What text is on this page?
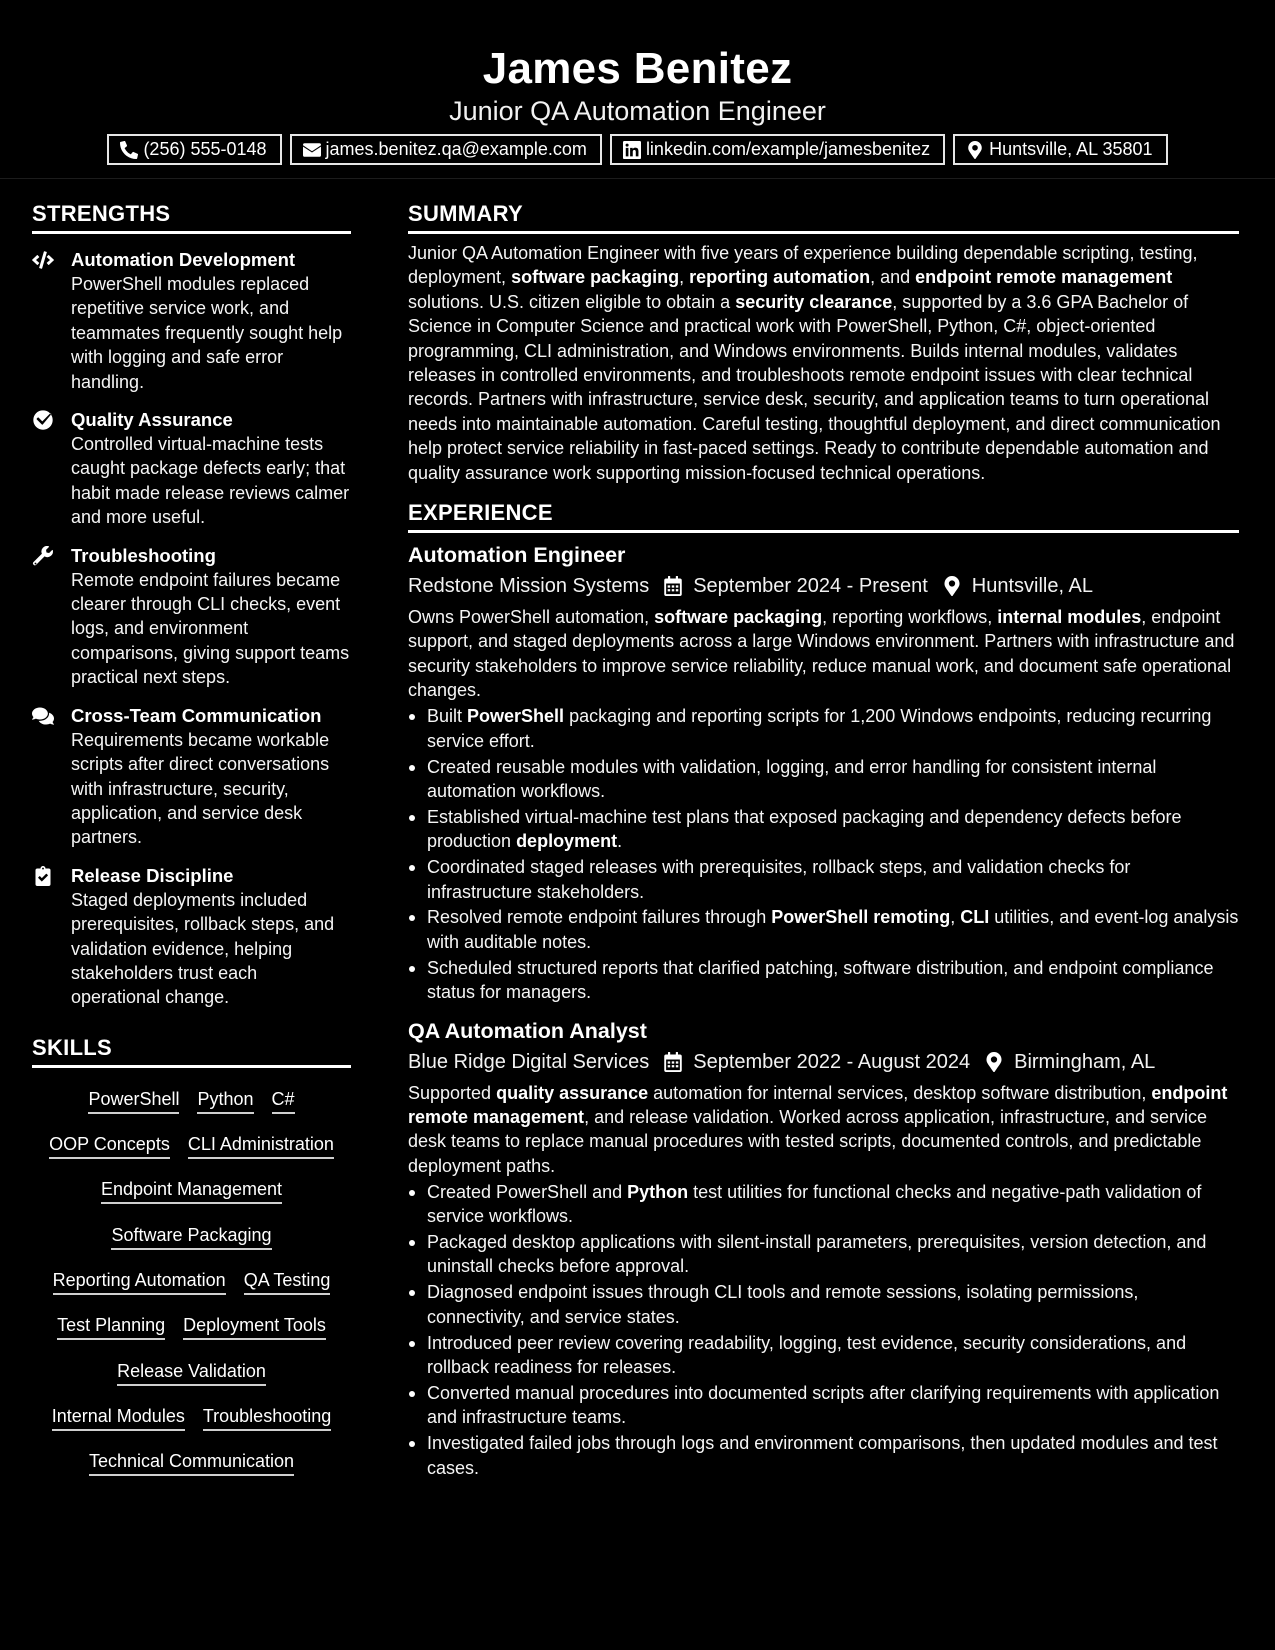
James Benitez
Junior QA Automation Engineer
(256) 555-0148	james.benitez.qa@example.com	linkedin.com/example/jamesbenitez	Huntsville, AL 35801
STRENGTHS
Automation Development
PowerShell modules replaced repetitive service work, and teammates frequently sought help with logging and safe error handling.
Quality Assurance
Controlled virtual-machine tests caught package defects early; that habit made release reviews calmer and more useful.
Troubleshooting
Remote endpoint failures became clearer through CLI checks, event logs, and environment comparisons, giving support teams practical next steps.
Cross-Team Communication
Requirements became workable scripts after direct conversations with infrastructure, security, application, and service desk partners.
Release Discipline
Staged deployments included prerequisites, rollback steps, and validation evidence, helping stakeholders trust each operational change.
SKILLS
PowerShell Python C#
OOP Concepts CLI Administration
Endpoint Management
Software Packaging
Reporting Automation QA Testing
Test Planning Deployment Tools
Release Validation
Internal Modules Troubleshooting
Technical Communication
SUMMARY
Junior QA Automation Engineer with five years of experience building dependable scripting, testing, deployment, software packaging, reporting automation, and endpoint remote management solutions. U.S. citizen eligible to obtain a security clearance, supported by a 3.6 GPA Bachelor of Science in Computer Science and practical work with PowerShell, Python, C#, object-oriented programming, CLI administration, and Windows environments. Builds internal modules, validates releases in controlled environments, and troubleshoots remote endpoint issues with clear technical records. Partners with infrastructure, service desk, security, and application teams to turn operational needs into maintainable automation. Careful testing, thoughtful deployment, and direct communication help protect service reliability in fast-paced settings. Ready to contribute dependable automation and quality assurance work supporting mission-focused technical operations.
EXPERIENCE
Automation Engineer
Redstone Mission Systems September 2024 - Present Huntsville, AL
Owns PowerShell automation, software packaging, reporting workflows, internal modules, endpoint support, and staged deployments across a large Windows environment. Partners with infrastructure and security stakeholders to improve service reliability, reduce manual work, and document safe operational changes.
Built PowerShell packaging and reporting scripts for 1,200 Windows endpoints, reducing recurring service effort.
Created reusable modules with validation, logging, and error handling for consistent internal automation workflows.
Established virtual-machine test plans that exposed packaging and dependency defects before production deployment.
Coordinated staged releases with prerequisites, rollback steps, and validation checks for infrastructure stakeholders.
Resolved remote endpoint failures through PowerShell remoting, CLI utilities, and event-log analysis with auditable notes.
Scheduled structured reports that clarified patching, software distribution, and endpoint compliance status for managers.
QA Automation Analyst
Blue Ridge Digital Services September 2022 - August 2024 Birmingham, AL
Supported quality assurance automation for internal services, desktop software distribution, endpoint remote management, and release validation. Worked across application, infrastructure, and service desk teams to replace manual procedures with tested scripts, documented controls, and predictable deployment paths.
Created PowerShell and Python test utilities for functional checks and negative-path validation of service workflows.
Packaged desktop applications with silent-install parameters, prerequisites, version detection, and uninstall checks before approval.
Diagnosed endpoint issues through CLI tools and remote sessions, isolating permissions, connectivity, and service states.
Introduced peer review covering readability, logging, test evidence, security considerations, and rollback readiness for releases.
Converted manual procedures into documented scripts after clarifying requirements with application and infrastructure teams.
Investigated failed jobs through logs and environment comparisons, then updated modules and test cases.
